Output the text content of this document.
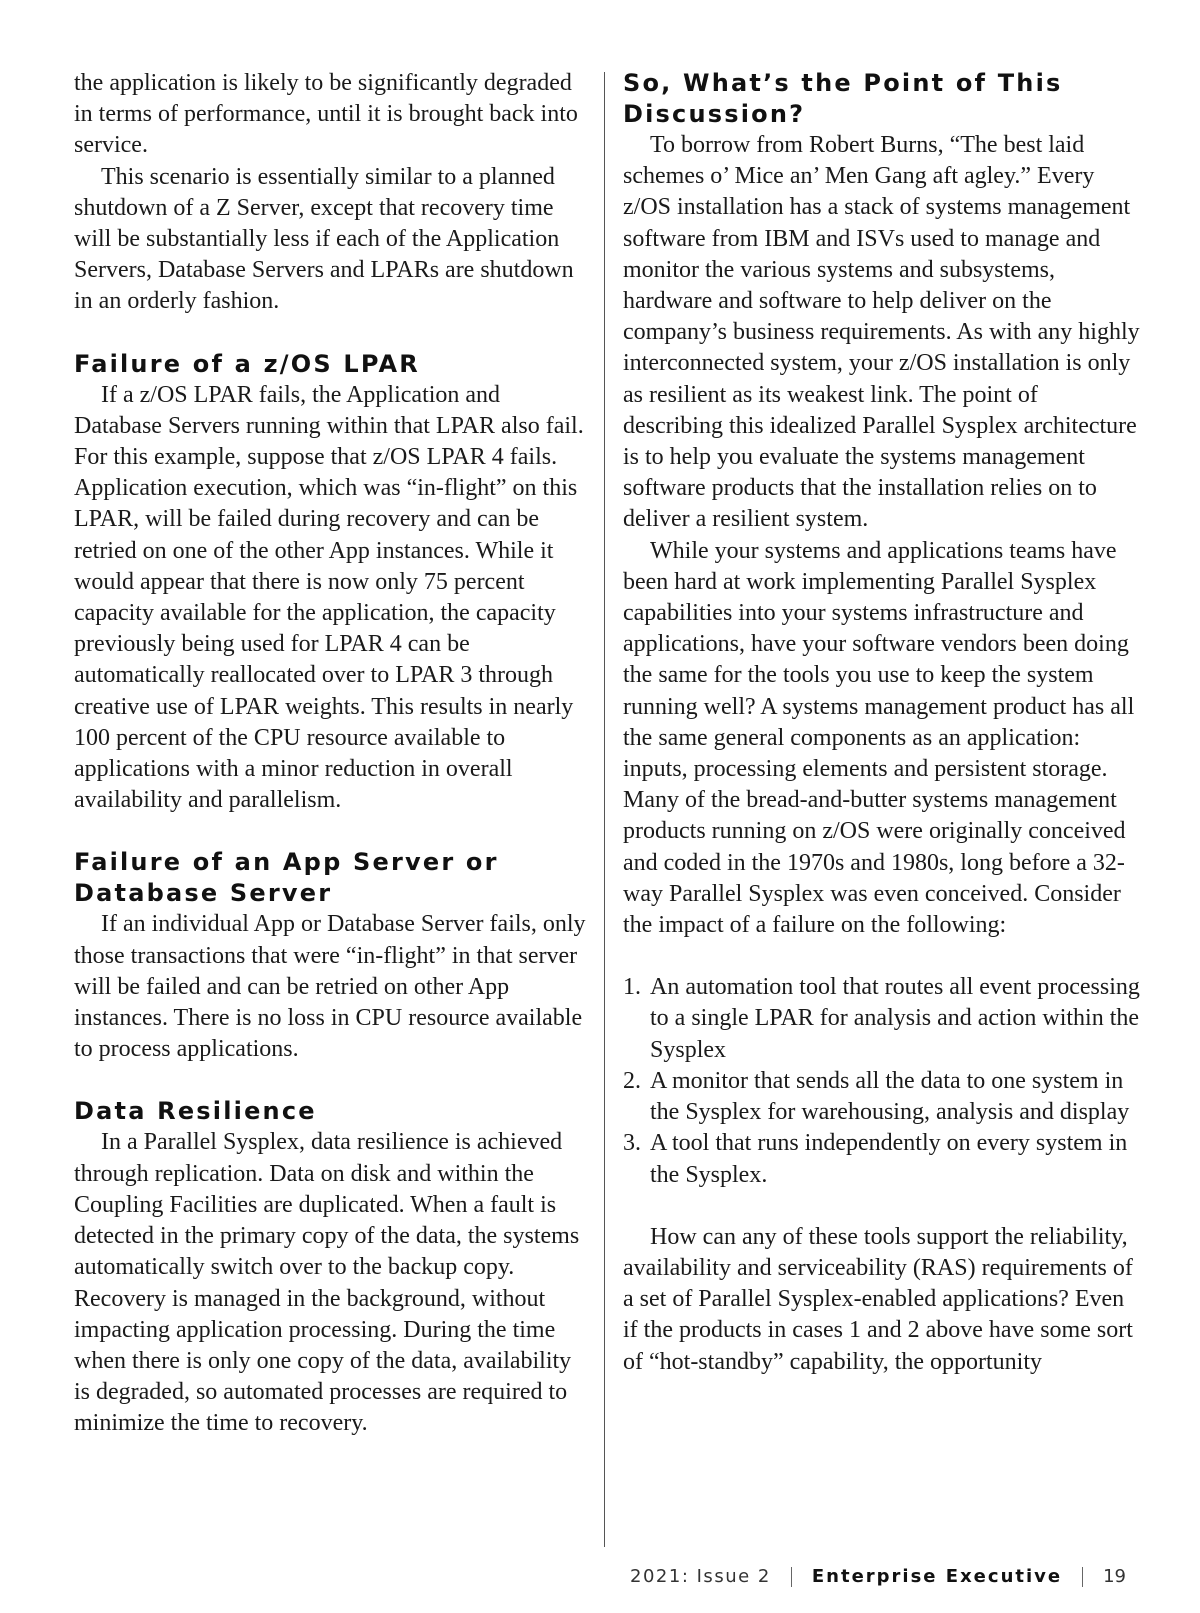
the application is likely to be significantly degraded in terms of performance, until it is brought back into service.

This scenario is essentially similar to a planned shutdown of a Z Server, except that recovery time will be substantially less if each of the Application Servers, Database Servers and LPARs are shutdown in an orderly fashion.

Failure of a z/OS LPAR

If a z/OS LPAR fails, the Application and Database Servers running within that LPAR also fail. For this example, suppose that z/OS LPAR 4 fails. Application execution, which was “in-flight” on this LPAR, will be failed during recovery and can be retried on one of the other App instances. While it would appear that there is now only 75 percent capacity available for the application, the capacity previously being used for LPAR 4 can be automatically reallocated over to LPAR 3 through creative use of LPAR weights. This results in nearly 100 percent of the CPU resource available to applications with a minor reduction in overall availability and parallelism.

Failure of an App Server or Database Server

If an individual App or Database Server fails, only those transactions that were “in-flight” in that server will be failed and can be retried on other App instances. There is no loss in CPU resource available to process applications.

Data Resilience

In a Parallel Sysplex, data resilience is achieved through replication. Data on disk and within the Coupling Facilities are duplicated. When a fault is detected in the primary copy of the data, the systems automatically switch over to the backup copy. Recovery is managed in the background, without impacting application processing. During the time when there is only one copy of the data, availability is degraded, so automated processes are required to minimize the time to recovery.

So, What’s the Point of This Discussion?

To borrow from Robert Burns, “The best laid schemes o’ Mice an’ Men Gang aft agley.” Every z/OS installation has a stack of systems management software from IBM and ISVs used to manage and monitor the various systems and subsystems, hardware and software to help deliver on the company’s business requirements. As with any highly interconnected system, your z/OS installation is only as resilient as its weakest link. The point of describing this idealized Parallel Sysplex architecture is to help you evaluate the systems management software products that the installation relies on to deliver a resilient system.

While your systems and applications teams have been hard at work implementing Parallel Sysplex capabilities into your systems infrastructure and applications, have your software vendors been doing the same for the tools you use to keep the system running well? A systems management product has all the same general components as an application: inputs, processing elements and persistent storage. Many of the bread-and-butter systems management products running on z/OS were originally conceived and coded in the 1970s and 1980s, long before a 32-way Parallel Sysplex was even conceived. Consider the impact of a failure on the following:

1. An automation tool that routes all event processing to a single LPAR for analysis and action within the Sysplex
2. A monitor that sends all the data to one system in the Sysplex for warehousing, analysis and display
3. A tool that runs independently on every system in the Sysplex.

How can any of these tools support the reliability, availability and serviceability (RAS) requirements of a set of Parallel Sysplex-enabled applications? Even if the products in cases 1 and 2 above have some sort of “hot-standby” capability, the opportunity

2021: Issue 2 Enterprise Executive 19
